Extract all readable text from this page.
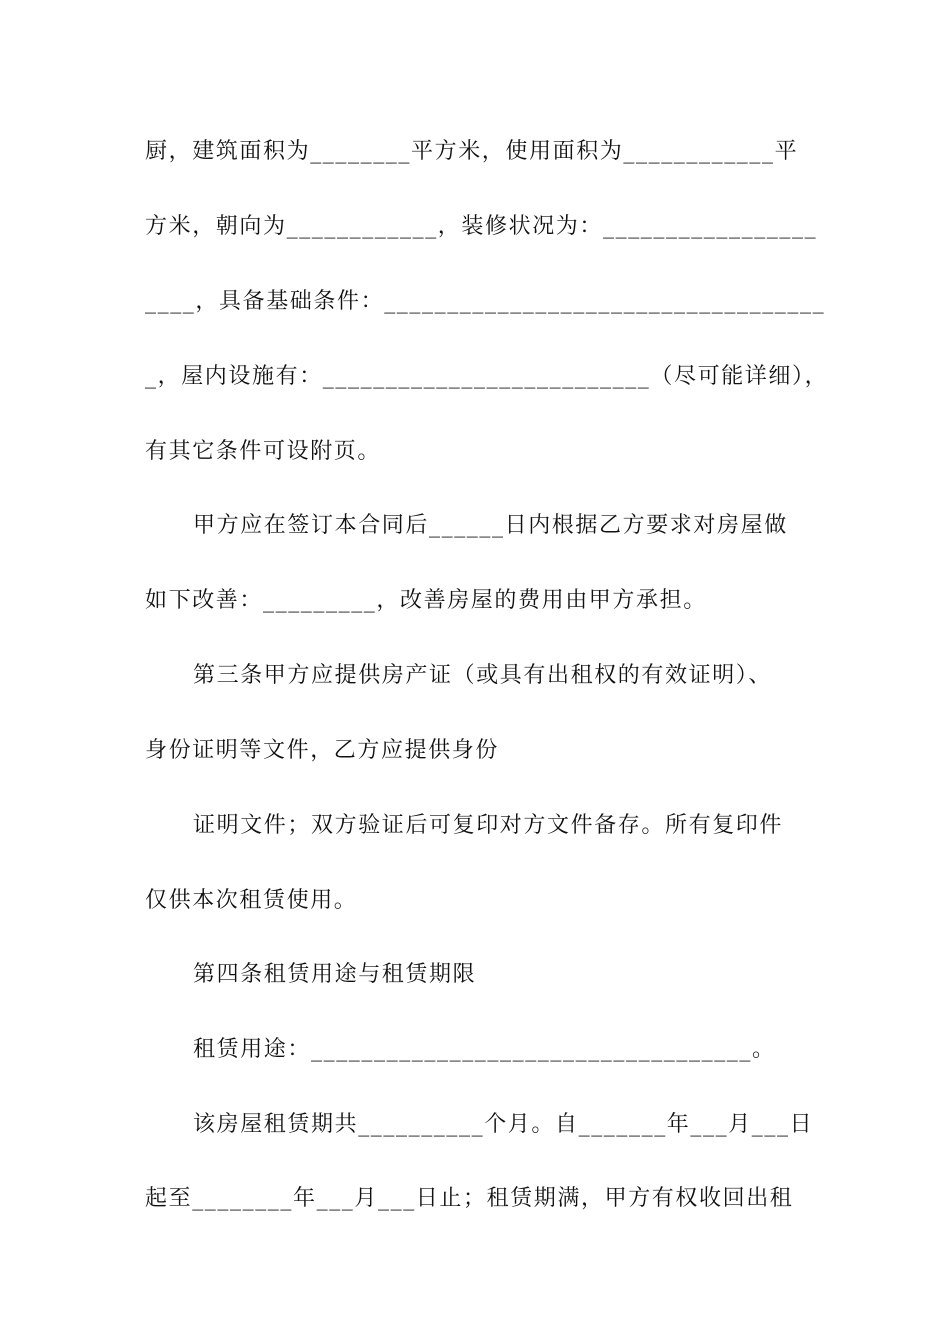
厨，建筑面积为________平方米，使用面积为____________平
方米，朝向为____________，装修状况为：_________________
____，具备基础条件：___________________________________
_，屋内设施有：__________________________（尽可能详细），
有其它条件可设附页。
甲方应在签订本合同后______日内根据乙方要求对房屋做
如下改善：_________，改善房屋的费用由甲方承担。
第三条甲方应提供房产证（或具有出租权的有效证明）、
身份证明等文件，乙方应提供身份
证明文件；双方验证后可复印对方文件备存。所有复印件
仅供本次租赁使用。
第四条租赁用途与租赁期限
租赁用途：___________________________________。
该房屋租赁期共__________个月。自_______年___月___日
起至________年___月___日止；租赁期满，甲方有权收回出租
